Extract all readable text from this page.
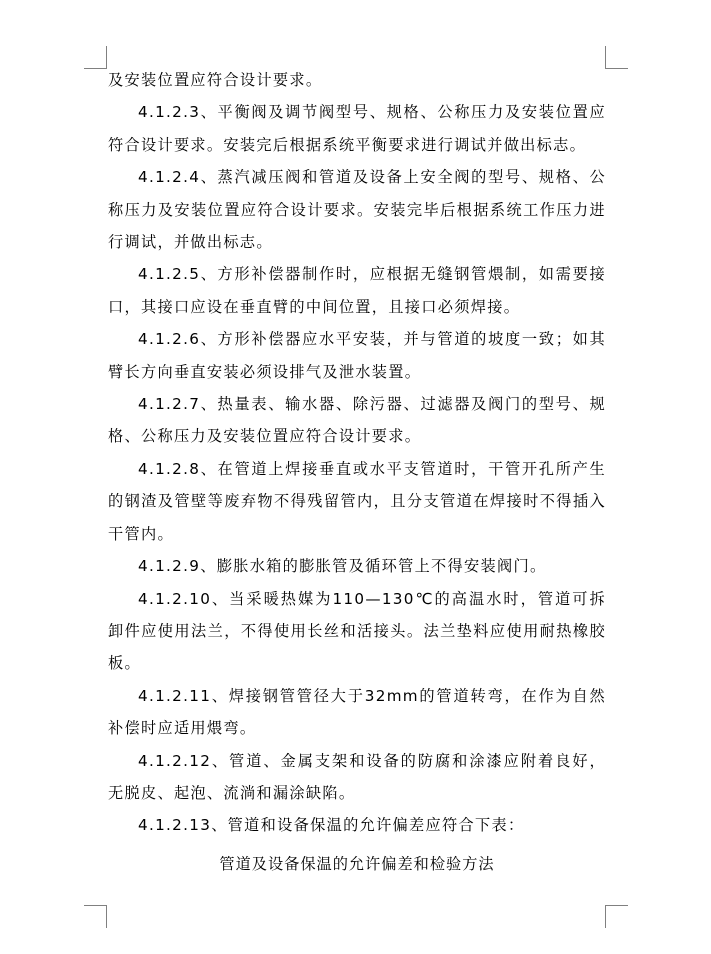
及安装位置应符合设计要求。

4.1.2.3、平衡阀及调节阀型号、规格、公称压力及安装位置应符合设计要求。安装完后根据系统平衡要求进行调试并做出标志。

4.1.2.4、蒸汽减压阀和管道及设备上安全阀的型号、规格、公称压力及安装位置应符合设计要求。安装完毕后根据系统工作压力进行调试，并做出标志。

4.1.2.5、方形补偿器制作时，应根据无缝钢管煨制，如需要接口，其接口应设在垂直臂的中间位置，且接口必须焊接。

4.1.2.6、方形补偿器应水平安装，并与管道的坡度一致；如其臂长方向垂直安装必须设排气及泄水装置。

4.1.2.7、热量表、输水器、除污器、过滤器及阀门的型号、规格、公称压力及安装位置应符合设计要求。

4.1.2.8、在管道上焊接垂直或水平支管道时，干管开孔所产生的钢渣及管壁等废弃物不得残留管内，且分支管道在焊接时不得插入干管内。

4.1.2.9、膨胀水箱的膨胀管及循环管上不得安装阀门。

4.1.2.10、当采暖热媒为110—130℃的高温水时，管道可拆卸件应使用法兰，不得使用长丝和活接头。法兰垫料应使用耐热橡胶板。

4.1.2.11、焊接钢管管径大于32mm的管道转弯，在作为自然补偿时应适用煨弯。

4.1.2.12、管道、金属支架和设备的防腐和涂漆应附着良好，无脱皮、起泡、流淌和漏涂缺陷。

4.1.2.13、管道和设备保温的允许偏差应符合下表：

管道及设备保温的允许偏差和检验方法
